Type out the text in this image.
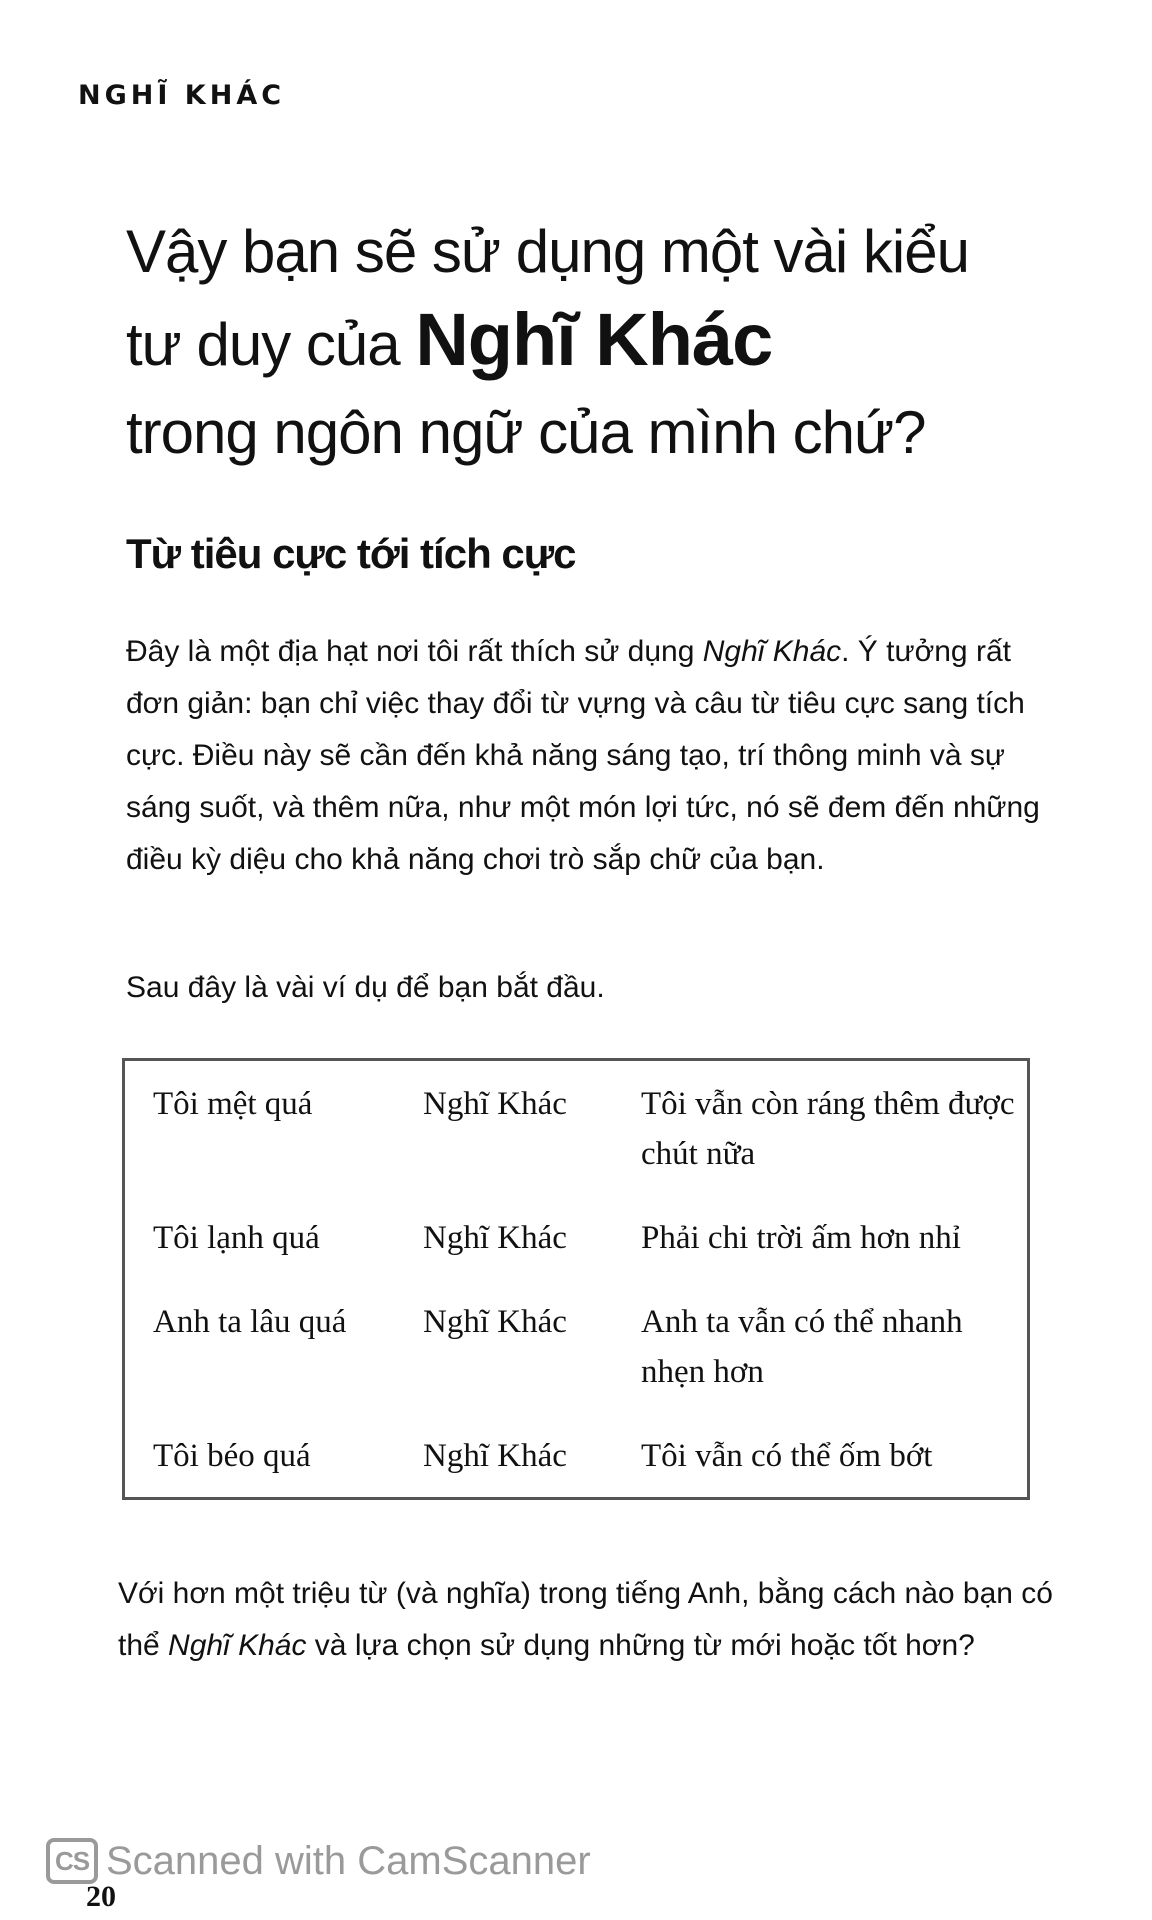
NGHĨ KHÁC
Vậy bạn sẽ sử dụng một vài kiểu
tư duy của Nghĩ Khác
trong ngôn ngữ của mình chứ?
Từ tiêu cực tới tích cực

Đây là một địa hạt nơi tôi rất thích sử dụng Nghĩ Khác. Ý tưởng rất đơn giản: bạn chỉ việc thay đổi từ vựng và câu từ tiêu cực sang tích cực. Điều này sẽ cần đến khả năng sáng tạo, trí thông minh và sự sáng suốt, và thêm nữa, như một món lợi tức, nó sẽ đem đến những điều kỳ diệu cho khả năng chơi trò sắp chữ của bạn.

Sau đây là vài ví dụ để bạn bắt đầu.

Tôi mệt quá	Nghĩ Khác	Tôi vẫn còn ráng thêm được chút nữa
Tôi lạnh quá	Nghĩ Khác	Phải chi trời ấm hơn nhỉ
Anh ta lâu quá	Nghĩ Khác	Anh ta vẫn có thể nhanh nhẹn hơn
Tôi béo quá	Nghĩ Khác	Tôi vẫn có thể ốm bớt

Với hơn một triệu từ (và nghĩa) trong tiếng Anh, bằng cách nào bạn có thể Nghĩ Khác và lựa chọn sử dụng những từ mới hoặc tốt hơn?

CS Scanned with CamScanner
20
